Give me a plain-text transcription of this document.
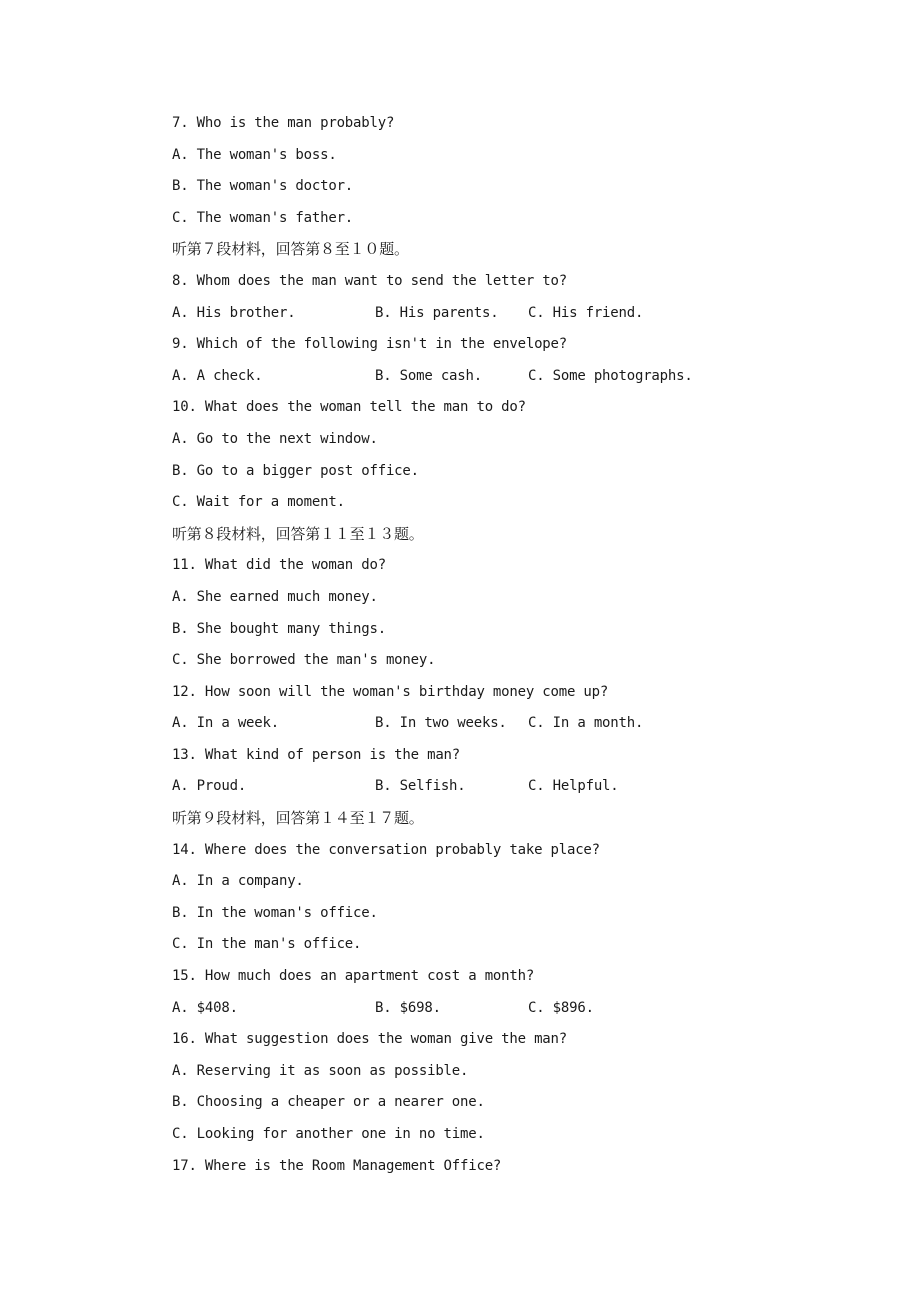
7. Who is the man probably?
A. The woman's boss.
B. The woman's doctor.
C. The woman's father.
听第７段材料，回答第８至１０题。
8. Whom does the man want to send the letter to?
A. His brother.	B. His parents. C. His friend.
9. Which of the following isn't in the envelope?
A. A check.	B. Some cash.	C. Some photographs.
10. What does the woman tell the man to do?
A. Go to the next window.
B. Go to a bigger post office.
C. Wait for a moment.
听第８段材料，回答第１１至１３题。
11. What did the woman do?
A. She earned much money.
B. She bought many things.
C. She borrowed the man's money.
12. How soon will the woman's birthday money come up?
A. In a week.	B. In two weeks. C. In a month.
13. What kind of person is the man?
A. Proud.	B. Selfish.	C. Helpful.
听第９段材料，回答第１４至１７题。
14. Where does the conversation probably take place?
A. In a company.
B. In the woman's office.
C. In the man's office.
15. How much does an apartment cost a month?
A. $408.	B. $698.	C. $896.
16. What suggestion does the woman give the man?
A. Reserving it as soon as possible.
B. Choosing a cheaper or a nearer one.
C. Looking for another one in no time.
17. Where is the Room Management Office?
